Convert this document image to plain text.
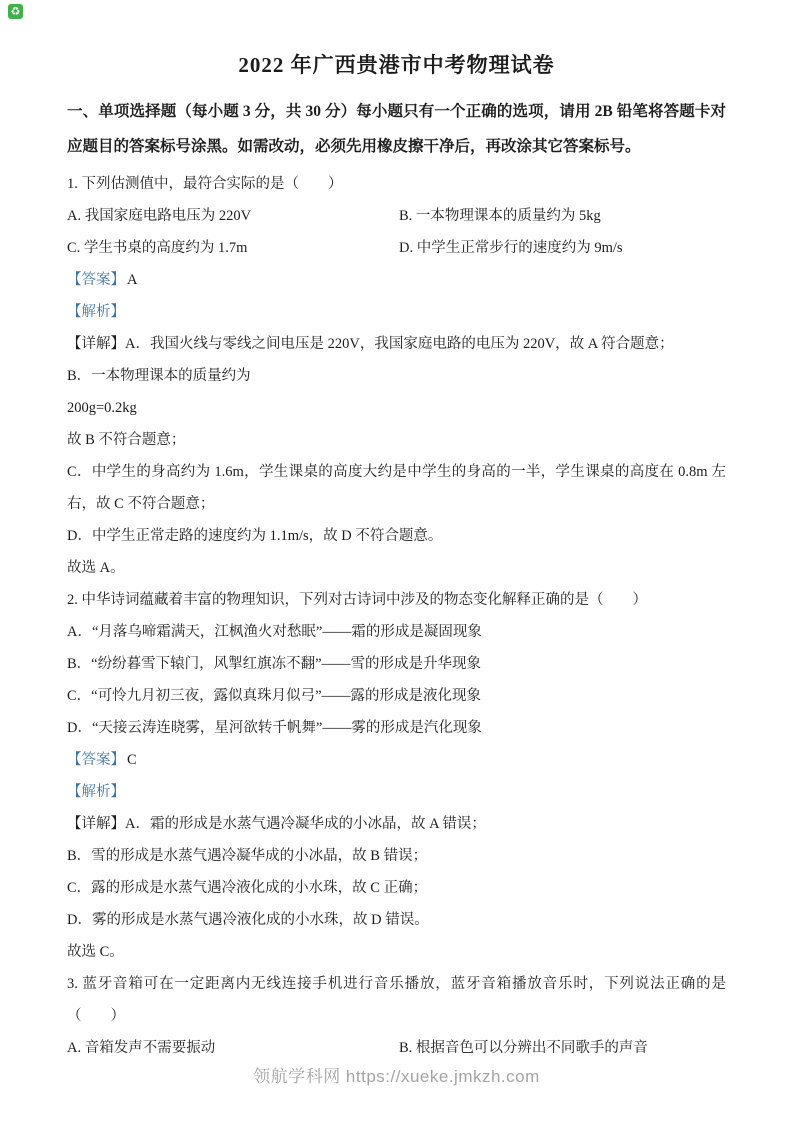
♻
2022 年广西贵港市中考物理试卷

一、单项选择题（每小题 3 分，共 30 分）每小题只有一个正确的选项，请用 2B 铅笔将答题卡对应题目的答案标号涂黑。如需改动，必须先用橡皮擦干净后，再改涂其它答案标号。

1. 下列估测值中，最符合实际的是（　　）

A. 我国家庭电路电压为 220V	B. 一本物理课本的质量约为 5kg
C. 学生书桌的高度约为 1.7m	D. 中学生正常步行的速度约为 9m/s

【答案】 A

【解析】

【详解】A．我国火线与零线之间电压是 220V，我国家庭电路的电压为 220V，故 A 符合题意；

B．一本物理课本的质量约为

200g=0.2kg

故 B 不符合题意；

C．中学生的身高约为 1.6m，学生课桌的高度大约是中学生的身高的一半，学生课桌的高度在 0.8m 左右，故 C 不符合题意；

D．中学生正常走路的速度约为 1.1m/s，故 D 不符合题意。

故选 A。

2. 中华诗词蕴藏着丰富的物理知识，下列对古诗词中涉及的物态变化解释正确的是（　　）

A．“月落乌啼霜满天，江枫渔火对愁眠”——霜的形成是凝固现象

B．“纷纷暮雪下辕门，风掣红旗冻不翻”——雪的形成是升华现象

C．“可怜九月初三夜，露似真珠月似弓”——露的形成是液化现象

D．“天接云涛连晓雾，星河欲转千帆舞”——雾的形成是汽化现象

【答案】 C

【解析】

【详解】A．霜的形成是水蒸气遇冷凝华成的小冰晶，故 A 错误；

B．雪的形成是水蒸气遇冷凝华成的小冰晶，故 B 错误；

C．露的形成是水蒸气遇冷液化成的小水珠，故 C 正确；

D．雾的形成是水蒸气遇冷液化成的小水珠，故 D 错误。

故选 C。

3. 蓝牙音箱可在一定距离内无线连接手机进行音乐播放，蓝牙音箱播放音乐时，下列说法正确的是（　　）

A. 音箱发声不需要振动	B. 根据音色可以分辨出不同歌手的声音
领航学科网 https://xueke.jmkzh.com
